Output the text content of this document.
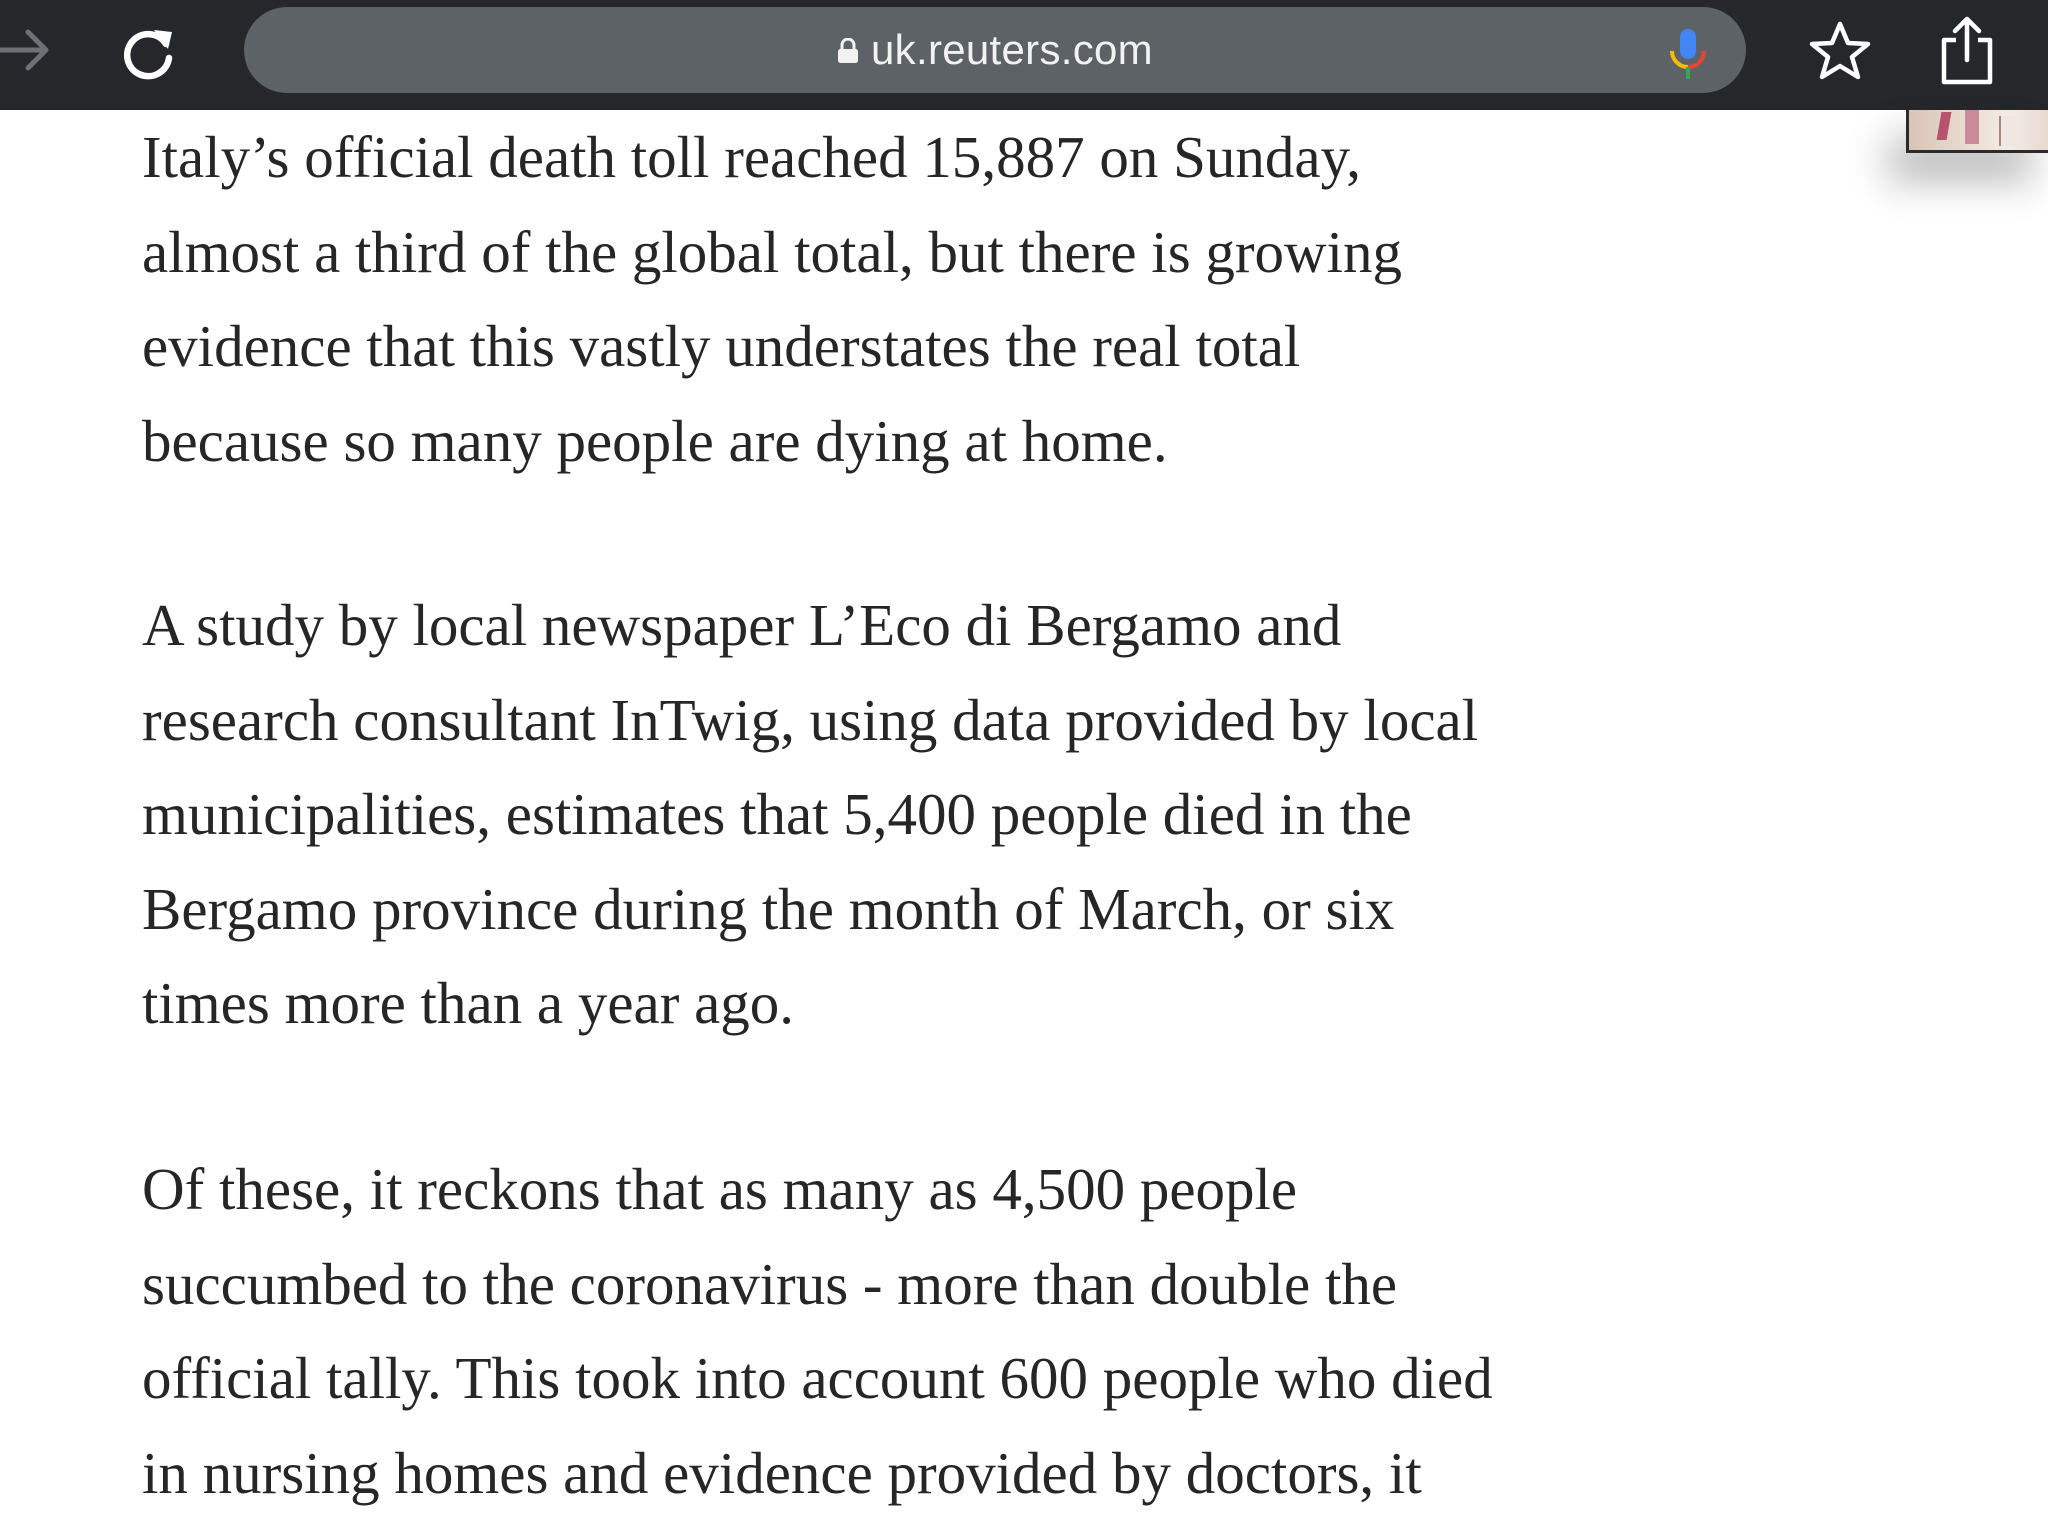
uk.reuters.com

Italy’s official death toll reached 15,887 on Sunday,
almost a third of the global total, but there is growing
evidence that this vastly understates the real total
because so many people are dying at home.

A study by local newspaper L’Eco di Bergamo and
research consultant InTwig, using data provided by local
municipalities, estimates that 5,400 people died in the
Bergamo province during the month of March, or six
times more than a year ago.

Of these, it reckons that as many as 4,500 people
succumbed to the coronavirus - more than double the
official tally. This took into account 600 people who died
in nursing homes and evidence provided by doctors, it
